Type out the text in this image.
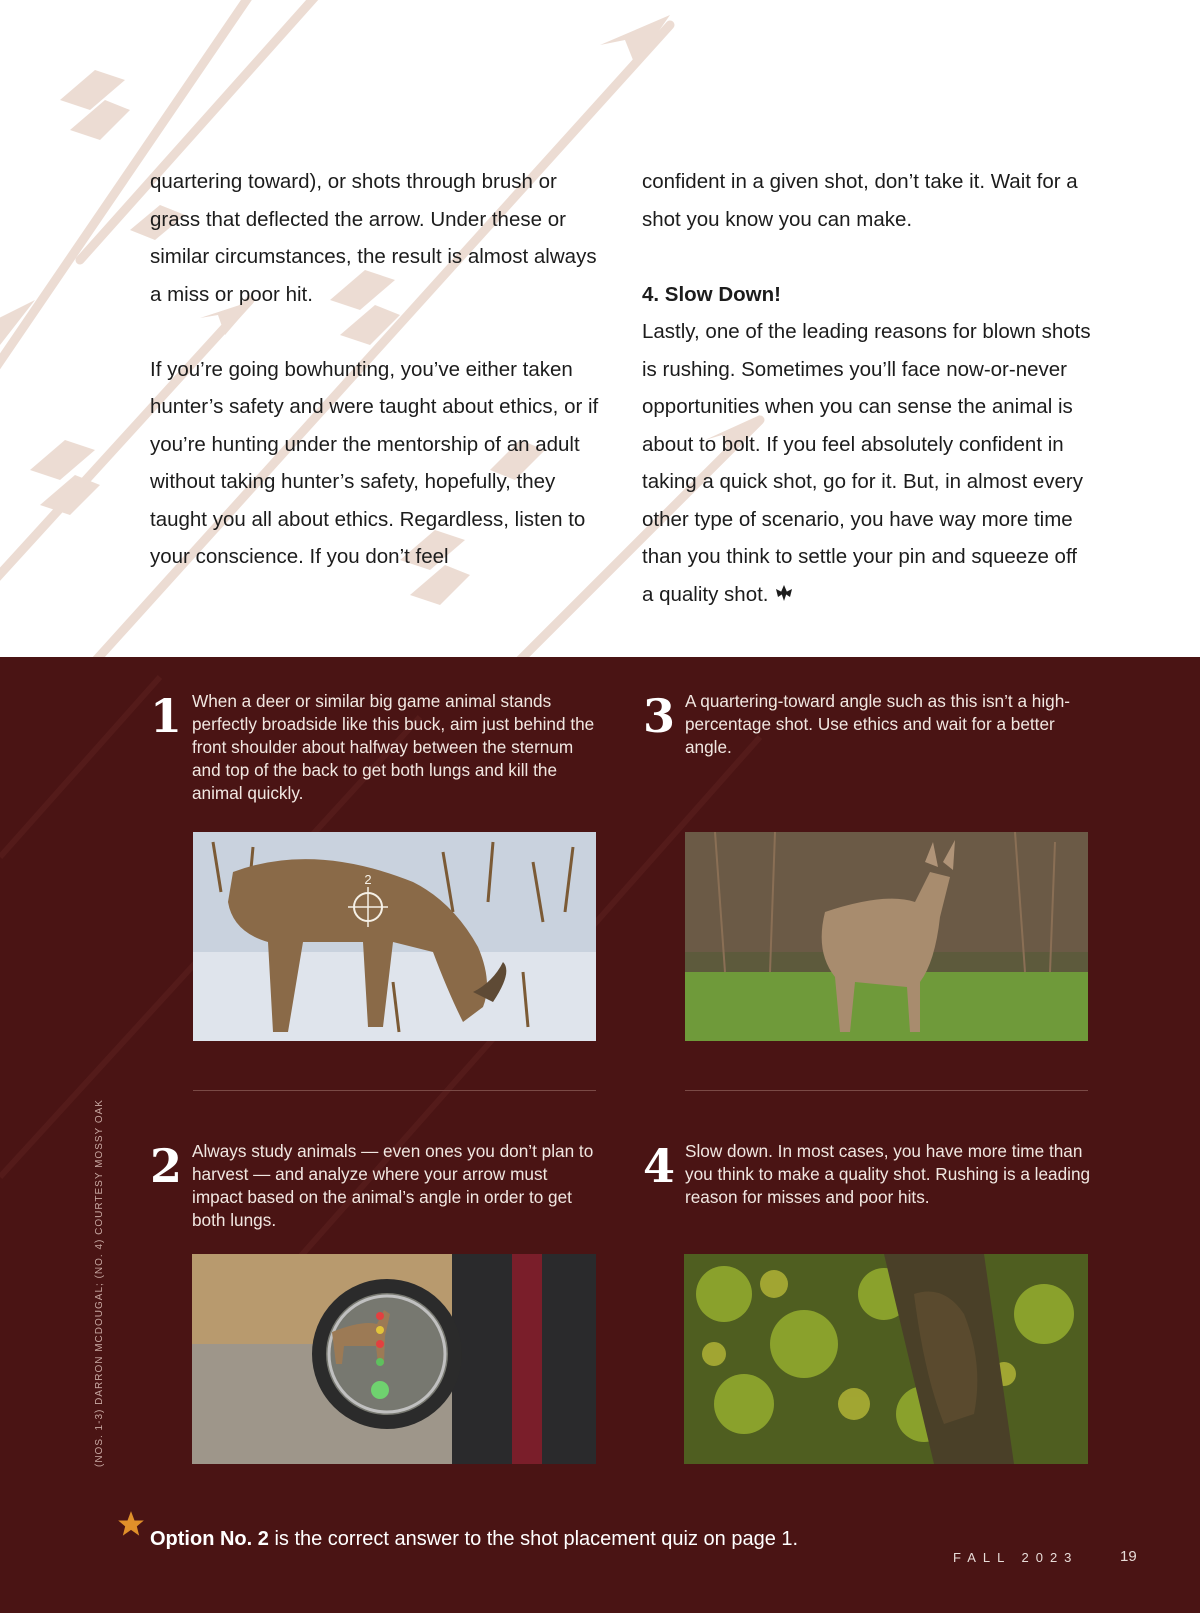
quartering toward), or shots through brush or grass that deflected the arrow. Under these or similar circumstances, the result is almost always a miss or poor hit.

If you’re going bowhunting, you’ve either taken hunter’s safety and were taught about ethics, or if you’re hunting under the mentorship of an adult without taking hunter’s safety, hopefully, they taught you all about ethics. Regardless, listen to your conscience. If you don’t feel

confident in a given shot, don’t take it. Wait for a shot you know you can make.

4. Slow Down!

Lastly, one of the leading reasons for blown shots is rushing. Sometimes you’ll face now-or-never opportunities when you can sense the animal is about to bolt. If you feel absolutely confident in taking a quick shot, go for it. But, in almost every other type of scenario, you have way more time than you think to settle your pin and squeeze off a quality shot.

1 When a deer or similar big game animal stands perfectly broadside like this buck, aim just behind the front shoulder about halfway between the sternum and top of the back to get both lungs and kill the animal quickly.
2
3 A quartering-toward angle such as this isn’t a high-percentage shot. Use ethics and wait for a better angle.
2 Always study animals — even ones you don’t plan to harvest — and analyze where your arrow must impact based on the animal’s angle in order to get both lungs.
4 Slow down. In most cases, you have more time than you think to make a quality shot. Rushing is a leading reason for misses and poor hits.
(NOS. 1-3) DARRON MCDOUGAL; (NO. 4) COURTESY MOSSY OAK
Option No. 2 is the correct answer to the shot placement quiz on page 1.
FALL 2023	19
